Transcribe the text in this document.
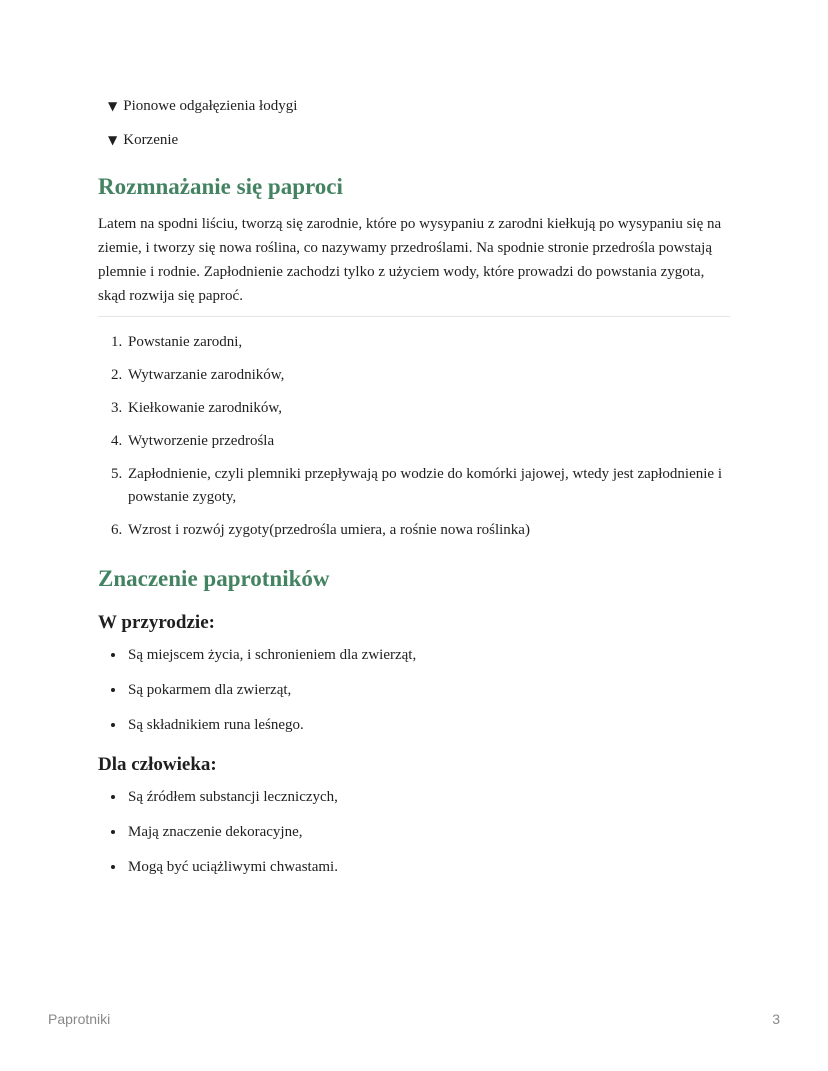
▼ Pionowe odgałęzienia łodygi
▼ Korzenie
Rozmnażanie się paproci

Latem na spodni liściu, tworzą się zarodnie, które po wysypaniu z zarodni kiełkują po wysypaniu się na ziemie, i tworzy się nowa roślina, co nazywamy przedroślami. Na spodnie stronie przedrośla powstają plemnie i rodnie. Zapłodnienie zachodzi tylko z użyciem wody, które prowadzi do powstania zygota, skąd rozwija się paproć.

1. Powstanie zarodni,
2. Wytwarzanie zarodników,
3. Kiełkowanie zarodników,
4. Wytworzenie przedrośla
5. Zapłodnienie, czyli plemniki przepływają po wodzie do komórki jajowej, wtedy jest zapłodnienie i powstanie zygoty,
6. Wzrost i rozwój zygoty(przedrośla umiera, a rośnie nowa roślinka)
Znaczenie paprotników
W przyrodzie:
• Są miejscem życia, i schronieniem dla zwierząt,
• Są pokarmem dla zwierząt,
• Są składnikiem runa leśnego.
Dla człowieka:
• Są źródłem substancji leczniczych,
• Mają znaczenie dekoracyjne,
• Mogą być uciążliwymi chwastami.
Paprotniki	3
